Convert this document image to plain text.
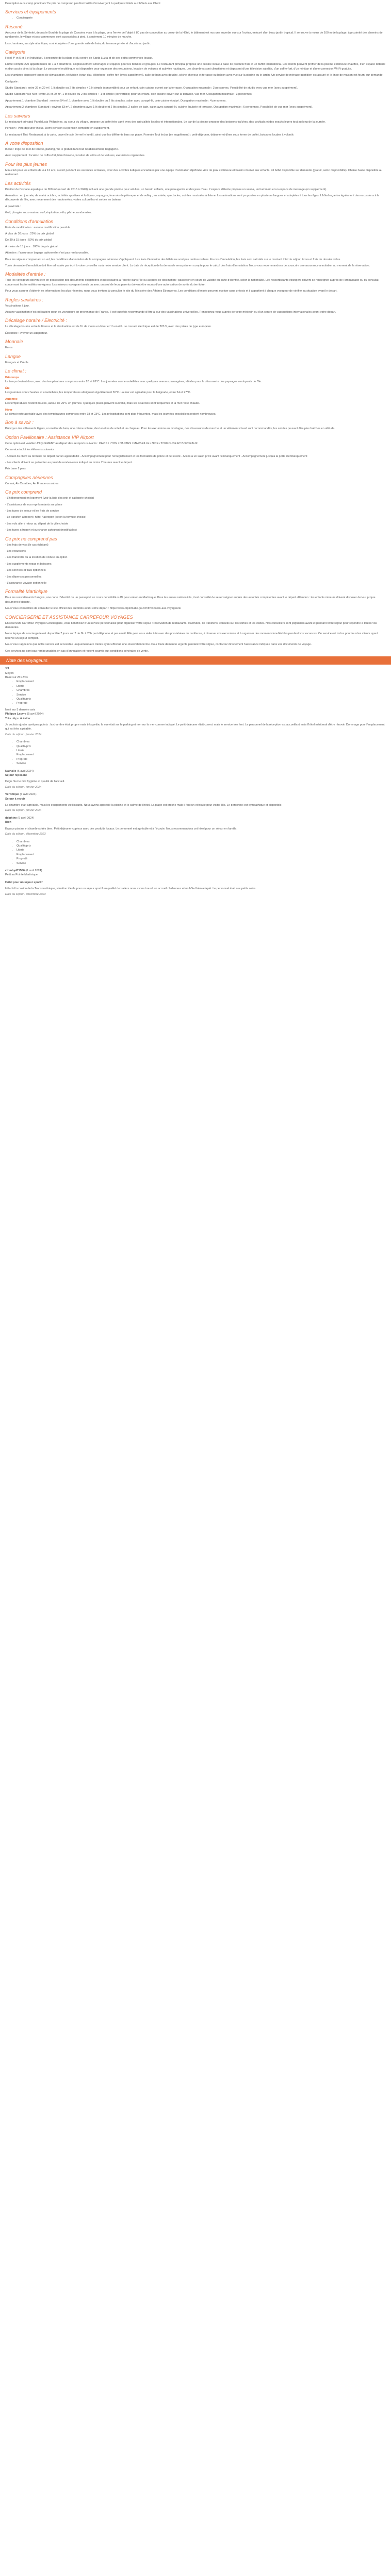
Description à ce camp principal / Ce prix ne comprend pas Formalités Convivergent à quelques hôtels aux hôtels aux Client

Services et équipements
• Conciergerie
Résumé

Au coeur de la Sérénité, depuis le Bord de la plage de Canaries vous à la plage, vers l'envie de l'objet à 80 pas de conception au coeur de la Hôtel, le bâtiment est nos une superbe vue sur l'océan, entouré d'un beau jardin tropical. Il se trouve à moins de 100 m de la plage, à proximité des chemins de randonnée, le village et ses commerces sont accessibles à pied, à seulement 10 minutes de marche.

Les chambres, au style atlantique, sont équipées d'une grande salle de bain, du terrasse privée et d'accès au jardin.

Catégorie

Hôtel 4* et 5 et 6 et Individuel, à proximité de la plage et du centre de Santa Luzia et de ses petits commerces locaux.

L'hôtel compte 220 appartements de 1 à 3 chambres, soigneusement aménagés et équipés pour les familles et groupes. Le restaurant principal propose une cuisine locale à base de produits frais et un buffet international. Les clients peuvent profiter de la piscine extérieure chauffée, d'un espace détente et d'un accès direct à la plage. Le personnel multilingue est disponible pour organiser des excursions, location de voitures et activités nautiques. Les chambres sont climatisées et disposent d'une télévision satellite, d'un coffre-fort, d'un minibar et d'une connexion Wi-Fi gratuite.

Les chambres disposent toutes de climatisation, télévision écran plat, téléphone, coffre-fort (avec supplément), salle de bain avec douche, sèche-cheveux et terrasse ou balcon avec vue sur la piscine ou le jardin. Un service de ménage quotidien est assuré et le linge de maison est fourni sur demande.

Catégorie :

Studio Standard : entre 26 et 29 m², 1 lit double ou 2 lits simples + 1 lit simple (convertible) pour un enfant, coin cuisine ouvert sur la terrasse. Occupation maximale : 3 personnes. Possibilité de studio avec vue mer (avec supplément).

Studio Standard Vue Mer : entre 26 et 29 m², 1 lit double ou 2 lits simples + 1 lit simple (convertible) pour un enfant, coin cuisine ouvert sur la terrasse, vue mer. Occupation maximale : 3 personnes.

Appartement 1 chambre Standard : environ 54 m², 1 chambre avec 1 lit double ou 2 lits simples, salon avec canapé-lit, coin cuisine équipé. Occupation maximale : 4 personnes.

Appartement 2 chambres Standard : environ 83 m², 2 chambres avec 1 lit double et 2 lits simples, 2 salles de bain, salon avec canapé-lit, cuisine équipée et terrasse. Occupation maximale : 6 personnes. Possibilité de vue mer (avec supplément).

Les saveurs

Le restaurant principal Pandalusia Philippines, au coeur du village, propose un buffet très varié avec des spécialités locales et internationales. Le bar de la piscine propose des boissons fraîches, des cocktails et des snacks légers tout au long de la journée.

Pension : Petit-déjeuner inclus. Demi-pension ou pension complète en supplément.

Le restaurant Thai Restaurant, à la carte, ouvert le soir (fermé le lundi), ainsi que les différents bars sur place. Formule Tout Inclus (en supplément) : petit-déjeuner, déjeuner et dîner sous forme de buffet, boissons locales à volonté.

À votre disposition

Inclus : linge de lit et de toilette, parking, Wi-Fi gratuit dans tout l'établissement, bagagerie.

Avec supplément : location de coffre-fort, blanchisserie, location de vélos et de voitures, excursions organisées.

Pour les plus jeunes

Mini-club pour les enfants de 4 à 12 ans, ouvert pendant les vacances scolaires, avec des activités ludiques encadrées par une équipe d'animation diplômée. Aire de jeux extérieure et bassin réservé aux enfants. Lit bébé disponible sur demande (gratuit, selon disponibilité). Chaise haute disponible au restaurant.

Les activités

Profitez de l'espace aquatique de 650 m² (ouvert de 2015 à 2040) incluant une grande piscine pour adultes, un bassin enfants, une pataugeoire et des jeux d'eau. L'espace détente propose un sauna, un hammam et un espace de massage (en supplément).

Animation : en journée, de mai à octobre, activités sportives et ludiques, aquagym, tournois de pétanque et de volley ; en soirée, spectacles, soirées musicales à thème. Les animations sont proposées en plusieurs langues et adaptées à tous les âges. L'hôtel organise également des excursions à la découverte de l'île, avec notamment des randonnées, visites culturelles et sorties en bateau.

À proximité :

Golf, plongée sous-marine, surf, équitation, vélo, pêche, randonnées.

Conditions d'annulation

Frais de modification : aucune modification possible.

À plus de 30 jours : 25% du prix global

De 30 à 15 jours : 50% du prix global

À moins de 15 jours : 100% du prix global

Attention : l'assurance bagage optionnelle n'est pas remboursable.

Pour les séjours comprenant un vol, les conditions d'annulation de la compagnie aérienne s'appliquent. Les frais d'émission des billets ne sont pas remboursables. En cas d'annulation, les frais sont calculés sur le montant total du séjour, taxes et frais de dossier inclus.

Toute demande d'annulation doit être adressée par écrit à votre conseiller ou à notre service client. La date de réception de la demande sera prise en compte pour le calcul des frais d'annulation. Nous vous recommandons de souscrire une assurance annulation au moment de la réservation.

Modalités d'entrée :

Tous les voyageurs doivent être en possession des documents obligatoires et nécessaires à l'entrée dans l'île ou au pays de destination : passeport en cours de validité ou carte d'identité, selon la nationalité. Les ressortissants étrangers doivent se renseigner auprès de l'ambassade ou du consulat concernant les formalités en vigueur. Les mineurs voyageant seuls ou avec un seul de leurs parents doivent être munis d'une autorisation de sortie du territoire.

Pour vous assurer d'obtenir les informations les plus récentes, nous vous invitons à consulter le site du Ministère des Affaires Étrangères. Les conditions d'entrée peuvent évoluer sans préavis et il appartient à chaque voyageur de vérifier sa situation avant le départ.

Règles sanitaires :

Vaccinations à jour.

Aucune vaccination n'est obligatoire pour les voyageurs en provenance de France. Il est toutefois recommandé d'être à jour des vaccinations universelles. Renseignez-vous auprès de votre médecin ou d'un centre de vaccinations internationales avant votre départ.

Décalage horaire / Électricité :

Le décalage horaire entre la France et la destination est de 1h de moins en hiver et 1h en été. Le courant électrique est de 220 V, avec des prises de type européen.

Électricité : Prévoir un adaptateur.

Monnaie

Euros

Langue

Français et Créole

Le climat :

Printemps

Le temps devient doux, avec des températures comprises entre 20 et 26°C. Les journées sont ensoleillées avec quelques averses passagères, idéales pour la découverte des paysages verdoyants de l'île.

Été

Les journées sont chaudes et ensoleillées, les températures atteignent régulièrement 30°C. La mer est agréable pour la baignade, entre 24 et 27°C.

Automne

Les températures restent douces, autour de 25°C en journée. Quelques pluies peuvent survenir, mais les éclaircies sont fréquentes et la mer reste chaude.

Hiver

Le climat reste agréable avec des températures comprises entre 18 et 23°C. Les précipitations sont plus fréquentes, mais les journées ensoleillées restent nombreuses.

Bon à savoir :

Prévoyez des vêtements légers, un maillot de bain, une crème solaire, des lunettes de soleil et un chapeau. Pour les excursions en montagne, des chaussures de marche et un vêtement chaud sont recommandés, les soirées pouvant être plus fraîches en altitude.

Option Pavillonaire : Assistance VIP Airport

Cette option est valable UNIQUEMENT au départ des aéroports suivants : PARIS / LYON / NANTES / MARSEILLE / NICE / TOULOUSE ET BORDEAUX

Ce service inclut les éléments suivants :

- Accueil du client au terminal de départ par un agent dédié - Accompagnement pour l'enregistrement et les formalités de police et de sûreté - Accès à un salon privé avant l'embarquement - Accompagnement jusqu'à la porte d'embarquement

- Les clients doivent se présenter au point de rendez-vous indiqué au moins 2 heures avant le départ.

Prix base 2 pers

Compagnies aériennes

Corsair, Air Caraïbes, Air France ou autres

Ce prix comprend

- L'hébergement en logement (voir la liste des prix et catégorie choisis)

- L'assistance de nos représentants sur place

- Les taxes de séjour et les frais de service

- Le transfert aéroport / hôtel / aéroport (selon la formule choisie)

- Les vols aller / retour au départ de la ville choisie

- Les taxes aéroport et surcharge carburant (modifiables)

Ce prix ne comprend pas

- Les frais de visa (le cas échéant)

- Les excursions

- Les transferts ou la location de voiture en option

- Les suppléments repas et boissons

- Les services et frais optionnels

- Les dépenses personnelles

- L'assurance voyage optionnelle

Formalité Martinique

Pour les ressortissants français, une carte d'identité ou un passeport en cours de validité suffit pour entrer en Martinique. Pour les autres nationalités, il est conseillé de se renseigner auprès des autorités compétentes avant le départ. Attention : les enfants mineurs doivent disposer de leur propre document d'identité.

Nous vous conseillons de consulter le site officiel des autorités avant votre départ : https://www.diplomatie.gouv.fr/fr/conseils-aux-voyageurs/

CONCIERGERIE ET ASSISTANCE CARREFOUR VOYAGES

En réservant Carrefour Voyages Conciergerie, vous bénéficiez d'un service personnalisé pour organiser votre séjour : réservation de restaurants, d'activités, de transferts, conseils sur les sorties et les visites. Nos conseillers sont joignables avant et pendant votre séjour pour répondre à toutes vos demandes.

Notre équipe de conciergerie est disponible 7 jours sur 7 de 8h à 20h par téléphone et par email. Elle peut vous aider à trouver des prestataires de confiance, à réserver vos excursions et à organiser des moments inoubliables pendant vos vacances. Ce service est inclus pour tous les clients ayant réservé un séjour complet.

Nous vous rappelons que notre service est accessible uniquement aux clients ayant effectué une réservation ferme. Pour toute demande urgente pendant votre séjour, contactez directement l'assistance indiquée dans vos documents de voyage.

Ces services ne sont pas remboursables en cas d'annulation et restent soumis aux conditions générales de vente.

Note des voyageurs

3/4

Moyen

Basé sur 251 Avis

• Emplacement
• Literie
• Chambres
• Service
• Qualité/prix
• Propreté

Noté sur 5 dernière avis

Philippe Lauvre (5 avril 2024)

Très déçu. À éviter

Je voulais ajouter quelques points : la chambre était propre mais très petite, la vue était sur le parking et non sur la mer comme indiqué. Le petit-déjeuner était correct mais le service très lent. Le personnel de la réception est accueillant mais l'hôtel mériterait d'être rénové. Dommage pour l'emplacement qui est très agréable.

Date du séjour : janvier 2024

• Chambres
• Qualité/prix
• Literie
• Emplacement
• Propreté
• Service

Nathalie (6 avril 2024)

Séjour reposant

Déçu. Sur le mot hygiène et qualité de l'accueil.

Date du séjour : janvier 2024

Véronique (6 avril 2024)

Séjour à revoir

La chambre était agréable, mais les équipements vieillissants. Nous avons apprécié la piscine et le calme de l'hôtel. La plage est proche mais il faut un véhicule pour visiter l'île. Le personnel est sympathique et disponible.

Date du séjour : janvier 2024

delphine (6 avril 2024)

Bien

Espace piscine et chambres très bien. Petit-déjeuner copieux avec des produits locaux. Le personnel est agréable et à l'écoute. Nous recommandons cet hôtel pour un séjour en famille.

Date du séjour : décembre 2023

• Chambres
• Qualité/prix
• Literie
• Emplacement
• Propreté
• Service

ctomby471586 (8 avril 2024)

Petit au Pointe Martinique

Hôtel pour un séjour sportif

Idéal à l'occasion de la Transmartinique, situation idéale pour un séjour sportif en qualité de trailers nous avons trouvé un accueil chaleureux et un hôtel bien adapté. Le personnel était aux petits soins.

Date du séjour : décembre 2023
